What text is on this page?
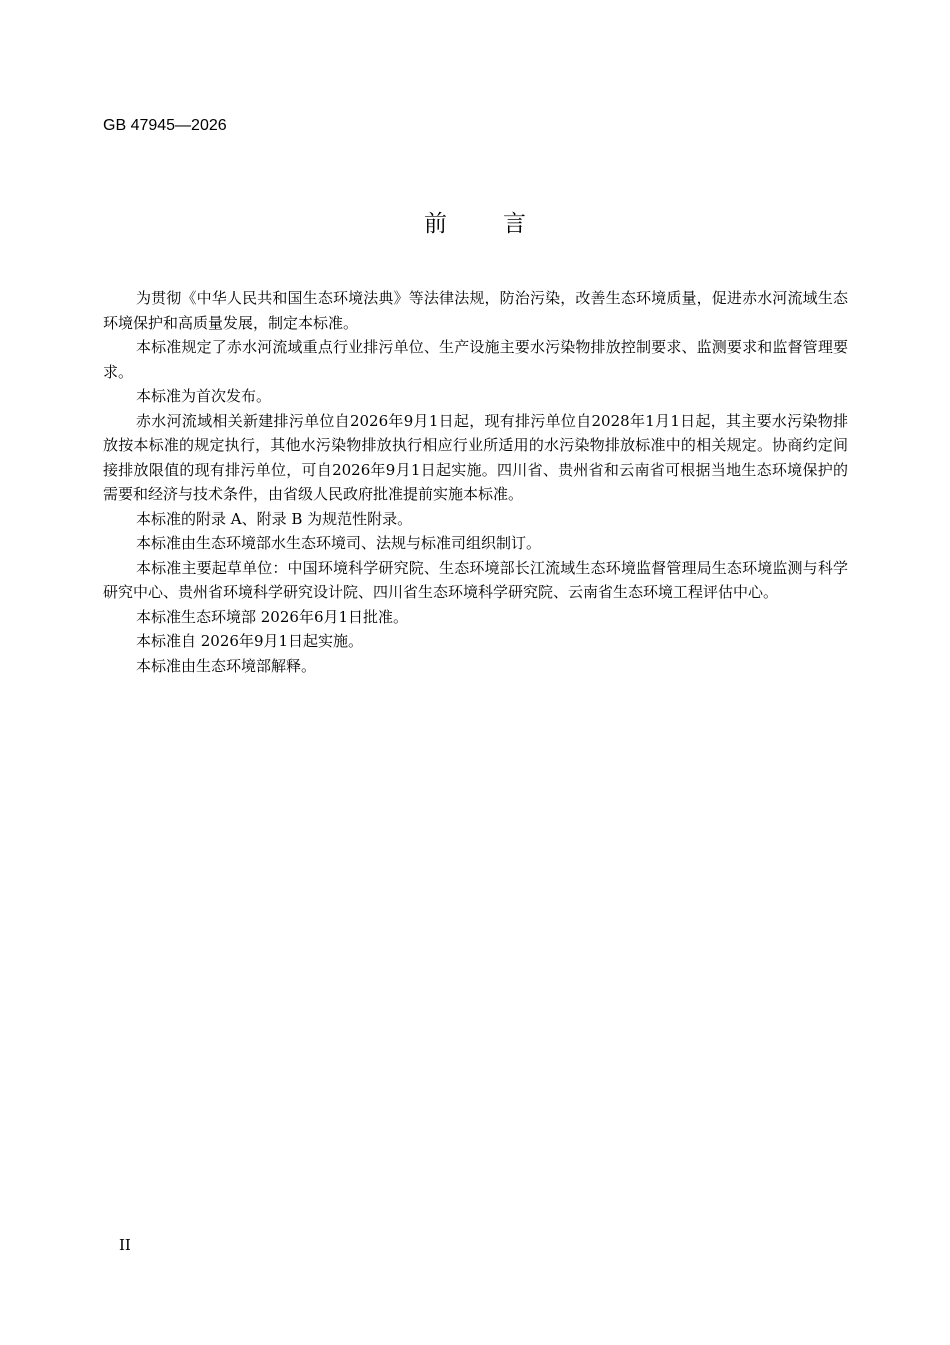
GB 47945—2026
前言

为贯彻《中华人民共和国生态环境法典》等法律法规，防治污染，改善生态环境质量，促进赤水河流域生态环境保护和高质量发展，制定本标准。

本标准规定了赤水河流域重点行业排污单位、生产设施主要水污染物排放控制要求、监测要求和监督管理要求。

本标准为首次发布。

赤水河流域相关新建排污单位自2026年9月1日起，现有排污单位自2028年1月1日起，其主要水污染物排放按本标准的规定执行，其他水污染物排放执行相应行业所适用的水污染物排放标准中的相关规定。协商约定间接排放限值的现有排污单位，可自2026年9月1日起实施。四川省、贵州省和云南省可根据当地生态环境保护的需要和经济与技术条件，由省级人民政府批准提前实施本标准。

本标准的附录 A、附录 B 为规范性附录。

本标准由生态环境部水生态环境司、法规与标准司组织制订。

本标准主要起草单位：中国环境科学研究院、生态环境部长江流域生态环境监督管理局生态环境监测与科学研究中心、贵州省环境科学研究设计院、四川省生态环境科学研究院、云南省生态环境工程评估中心。

本标准生态环境部 2026年6月1日批准。

本标准自 2026年9月1日起实施。

本标准由生态环境部解释。

II
